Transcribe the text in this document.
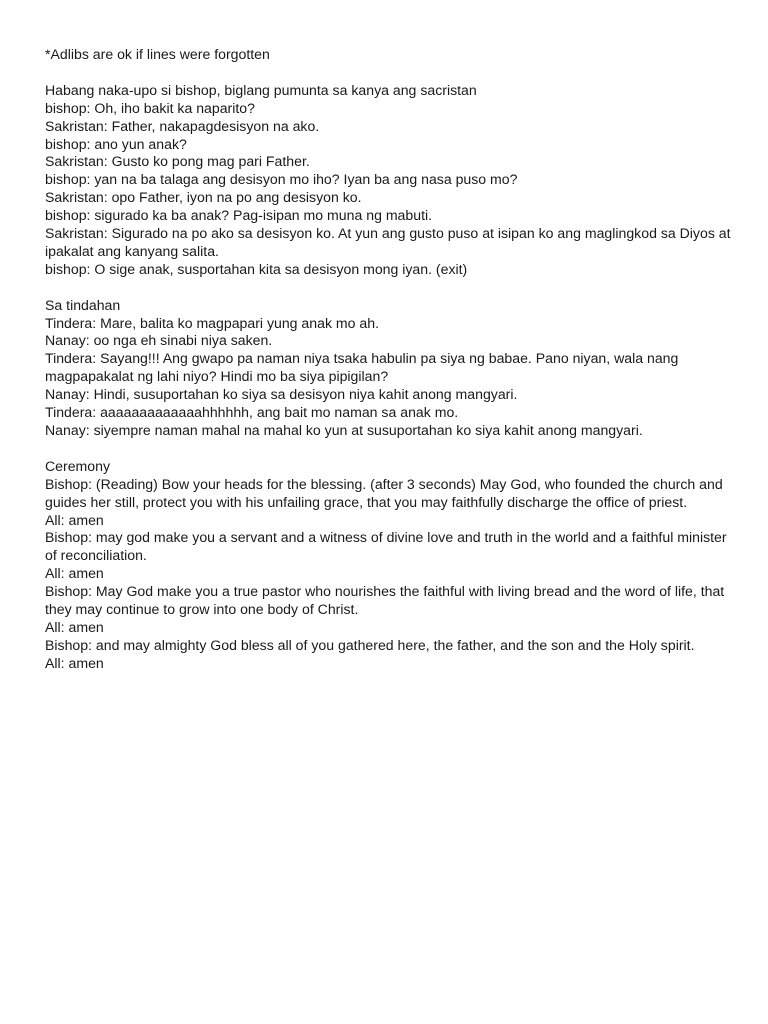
*Adlibs are ok if lines were forgotten

Habang naka-upo si bishop, biglang pumunta sa kanya ang sacristan

bishop: Oh, iho bakit ka naparito?

Sakristan: Father, nakapagdesisyon na ako.

bishop: ano yun anak?

Sakristan: Gusto ko pong mag pari Father.

bishop: yan na ba talaga ang desisyon mo iho? Iyan ba ang nasa puso mo?

Sakristan: opo Father, iyon na po ang desisyon ko.

bishop: sigurado ka ba anak? Pag-isipan mo muna ng mabuti.

Sakristan: Sigurado na po ako sa desisyon ko. At yun ang gusto puso at isipan ko ang maglingkod sa Diyos at ipakalat ang kanyang salita.

bishop: O sige anak, susportahan kita sa desisyon mong iyan. (exit)

Sa tindahan

Tindera: Mare, balita ko magpapari yung anak mo ah.

Nanay: oo nga eh sinabi niya saken.

Tindera: Sayang!!! Ang gwapo pa naman niya tsaka habulin pa siya ng babae. Pano niyan, wala nang magpapakalat ng lahi niyo? Hindi mo ba siya pipigilan?

Nanay: Hindi, susuportahan ko siya sa desisyon niya kahit anong mangyari.

Tindera: aaaaaaaaaaaaahhhhhh, ang bait mo naman sa anak mo.

Nanay: siyempre naman mahal na mahal ko yun at susuportahan ko siya kahit anong mangyari.

Ceremony

Bishop: (Reading) Bow your heads for the blessing. (after 3 seconds) May God, who founded the church and guides her still, protect you with his unfailing grace, that you may faithfully discharge the office of priest.

All: amen

Bishop: may god make you a servant and a witness of divine love and truth in the world and a faithful minister of reconciliation.

All: amen

Bishop: May God make you a true pastor who nourishes the faithful with living bread and the word of life, that they may continue to grow into one body of Christ.

All: amen

Bishop: and may almighty God bless all of you gathered here, the father, and the son and the Holy spirit.

All: amen
